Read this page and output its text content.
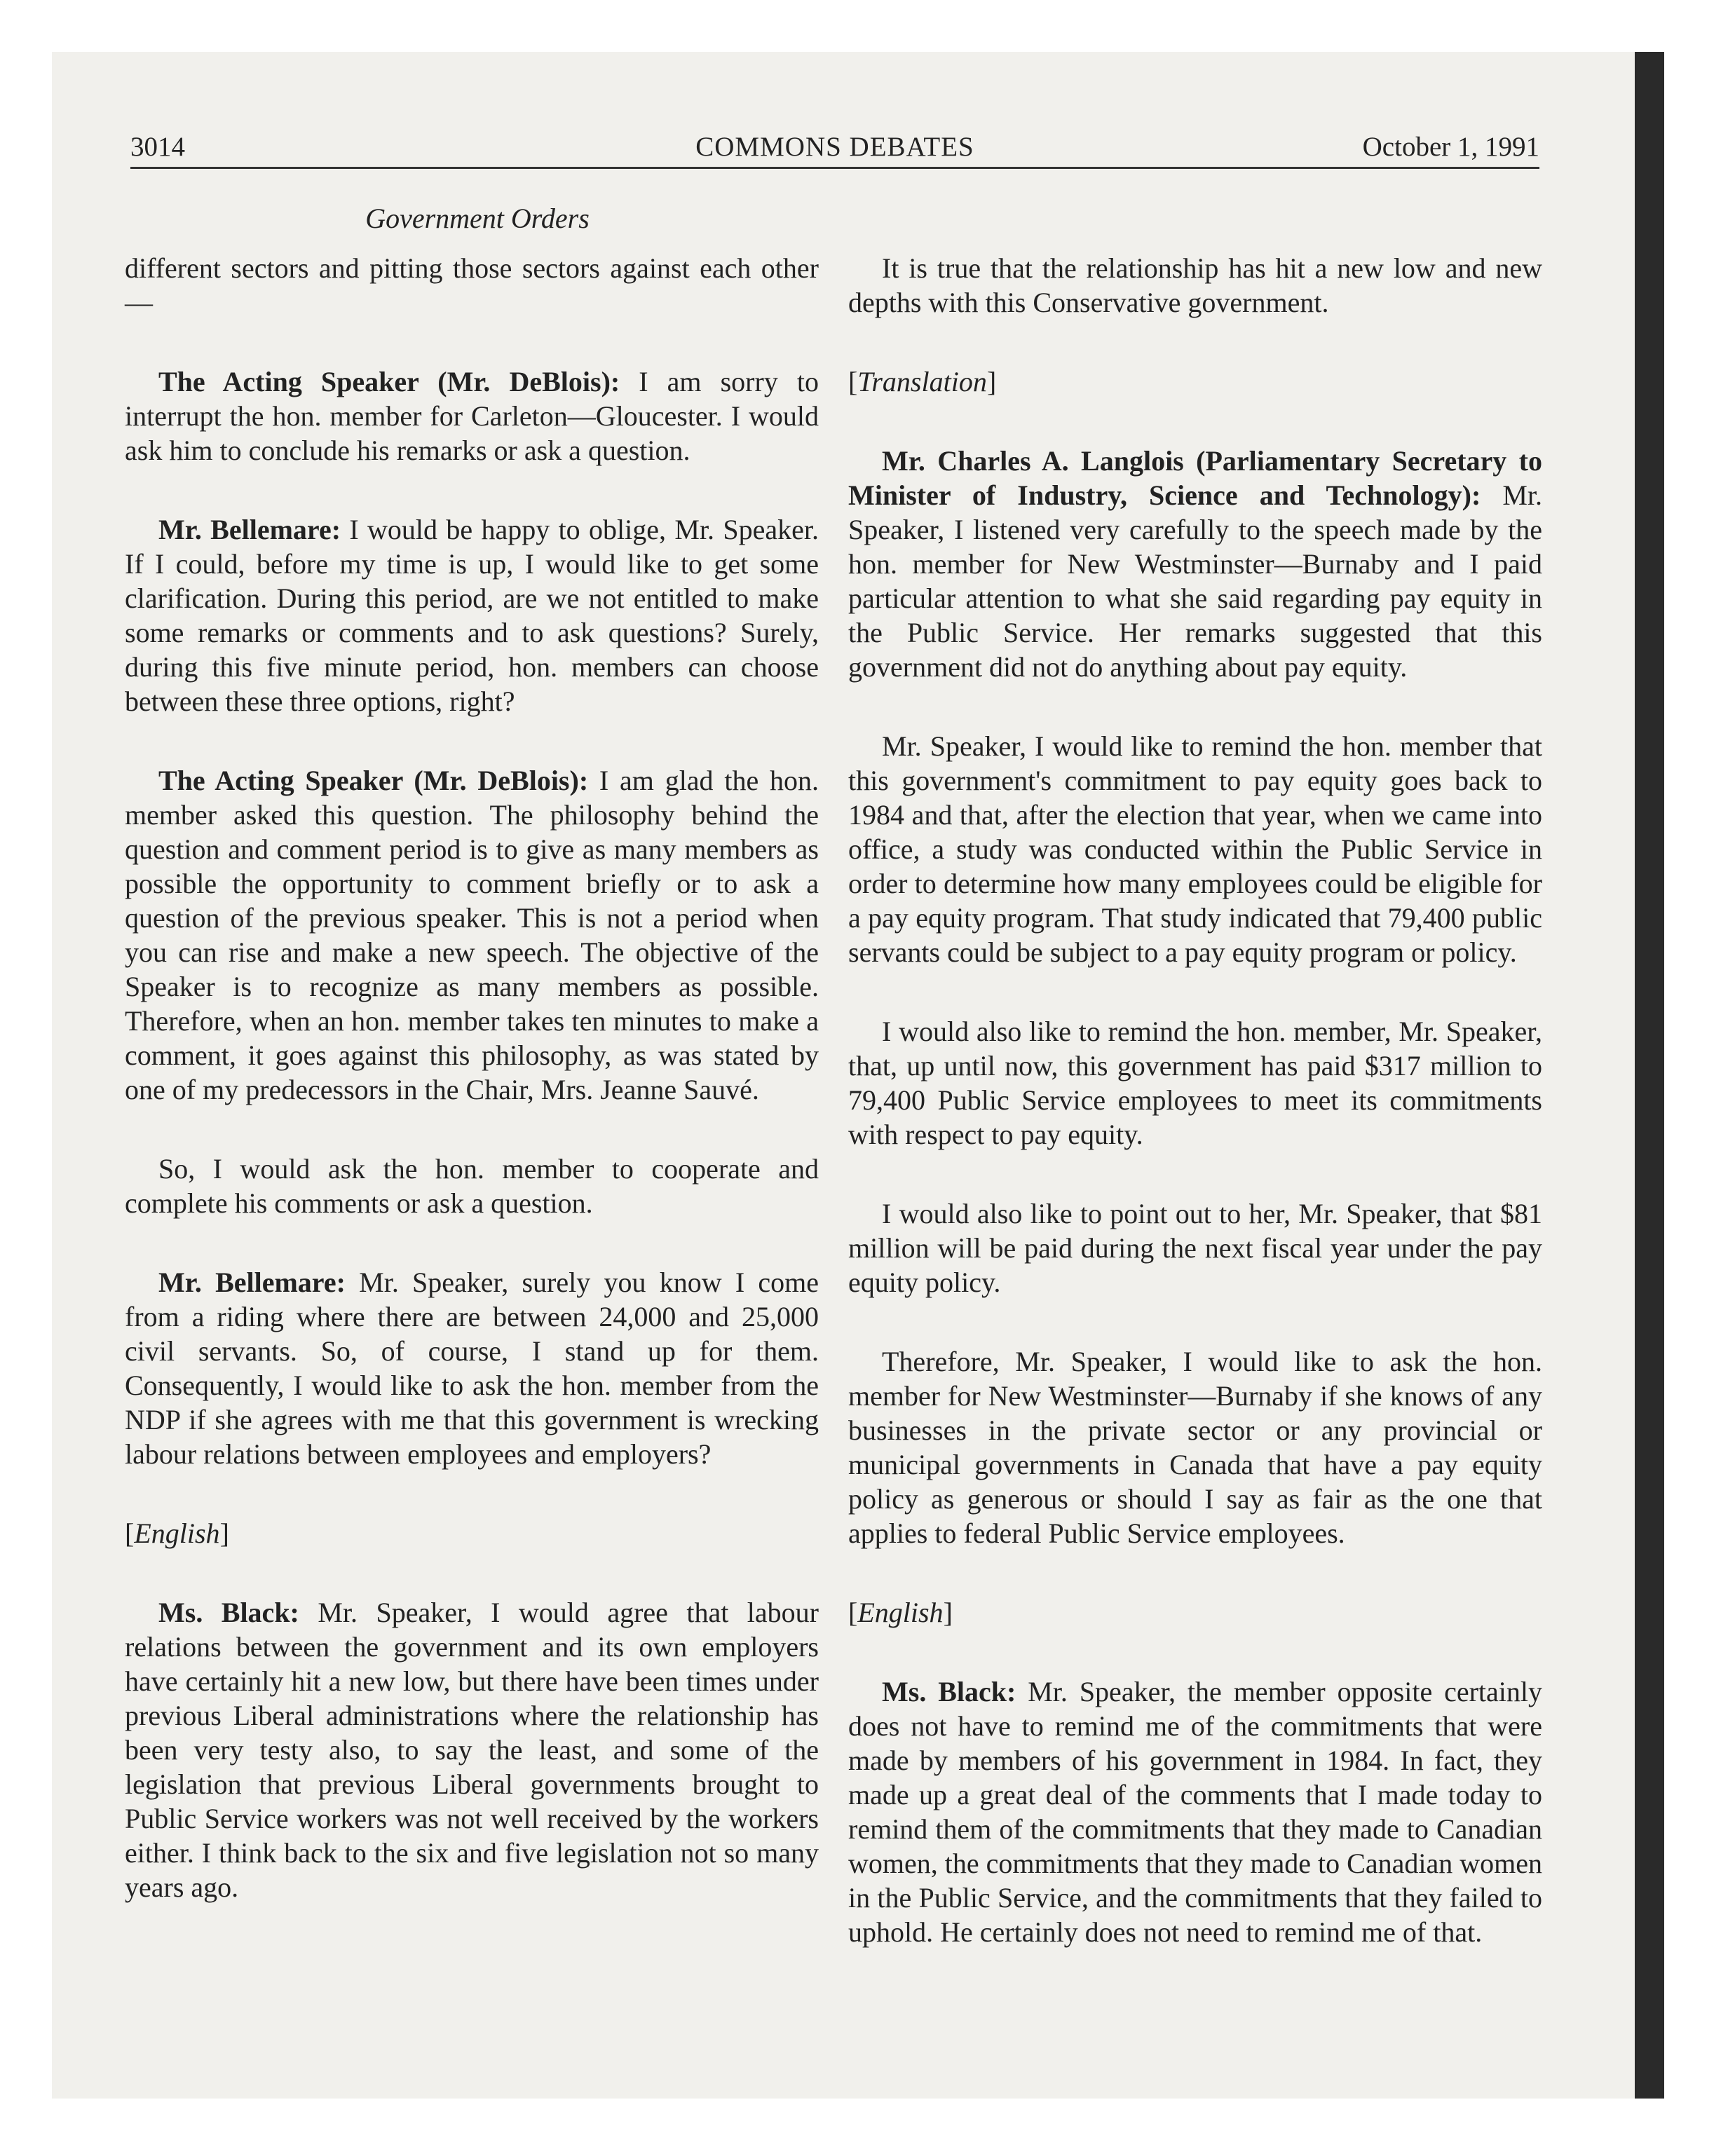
3014	COMMONS DEBATES	October 1, 1991
Government Orders

different sectors and pitting those sectors against each other—

The Acting Speaker (Mr. DeBlois): I am sorry to interrupt the hon. member for Carleton—Gloucester. I would ask him to conclude his remarks or ask a question.

Mr. Bellemare: I would be happy to oblige, Mr. Speaker. If I could, before my time is up, I would like to get some clarification. During this period, are we not entitled to make some remarks or comments and to ask questions? Surely, during this five minute period, hon. members can choose between these three options, right?

The Acting Speaker (Mr. DeBlois): I am glad the hon. member asked this question. The philosophy behind the question and comment period is to give as many members as possible the opportunity to comment briefly or to ask a question of the previous speaker. This is not a period when you can rise and make a new speech. The objective of the Speaker is to recognize as many members as possible. Therefore, when an hon. member takes ten minutes to make a comment, it goes against this philosophy, as was stated by one of my predecessors in the Chair, Mrs. Jeanne Sauvé.

So, I would ask the hon. member to cooperate and complete his comments or ask a question.

Mr. Bellemare: Mr. Speaker, surely you know I come from a riding where there are between 24,000 and 25,000 civil servants. So, of course, I stand up for them. Consequently, I would like to ask the hon. member from the NDP if she agrees with me that this government is wrecking labour relations between employees and employers?

[English]

Ms. Black: Mr. Speaker, I would agree that labour relations between the government and its own employers have certainly hit a new low, but there have been times under previous Liberal administrations where the relationship has been very testy also, to say the least, and some of the legislation that previous Liberal governments brought to Public Service workers was not well received by the workers either. I think back to the six and five legislation not so many years ago.

It is true that the relationship has hit a new low and new depths with this Conservative government.

[Translation]

Mr. Charles A. Langlois (Parliamentary Secretary to Minister of Industry, Science and Technology): Mr. Speaker, I listened very carefully to the speech made by the hon. member for New Westminster—Burnaby and I paid particular attention to what she said regarding pay equity in the Public Service. Her remarks suggested that this government did not do anything about pay equity.

Mr. Speaker, I would like to remind the hon. member that this government's commitment to pay equity goes back to 1984 and that, after the election that year, when we came into office, a study was conducted within the Public Service in order to determine how many employees could be eligible for a pay equity program. That study indicated that 79,400 public servants could be subject to a pay equity program or policy.

I would also like to remind the hon. member, Mr. Speaker, that, up until now, this government has paid $317 million to 79,400 Public Service employees to meet its commitments with respect to pay equity.

I would also like to point out to her, Mr. Speaker, that $81 million will be paid during the next fiscal year under the pay equity policy.

Therefore, Mr. Speaker, I would like to ask the hon. member for New Westminster—Burnaby if she knows of any businesses in the private sector or any provincial or municipal governments in Canada that have a pay equity policy as generous or should I say as fair as the one that applies to federal Public Service employees.

[English]

Ms. Black: Mr. Speaker, the member opposite certainly does not have to remind me of the commitments that were made by members of his government in 1984. In fact, they made up a great deal of the comments that I made today to remind them of the commitments that they made to Canadian women, the commitments that they made to Canadian women in the Public Service, and the commitments that they failed to uphold. He certainly does not need to remind me of that.
